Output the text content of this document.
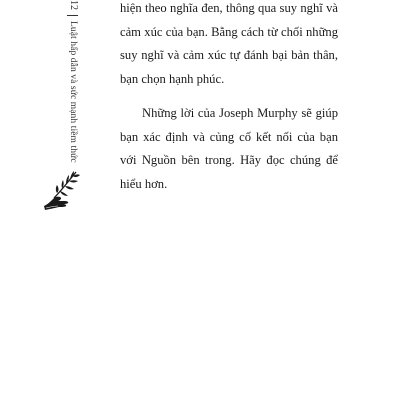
12
Luật hấp dẫn và sức mạnh tiềm thức

hiện theo nghĩa đen, thông qua suy nghĩ và
cảm xúc của bạn. Bằng cách từ chối những
suy nghĩ và cảm xúc tự đánh bại bản thân,
bạn chọn hạnh phúc.

Những lời của Joseph Murphy sẽ giúp
bạn xác định và củng cố kết nối của bạn
với Nguồn bên trong. Hãy đọc chúng để
hiểu hơn.
